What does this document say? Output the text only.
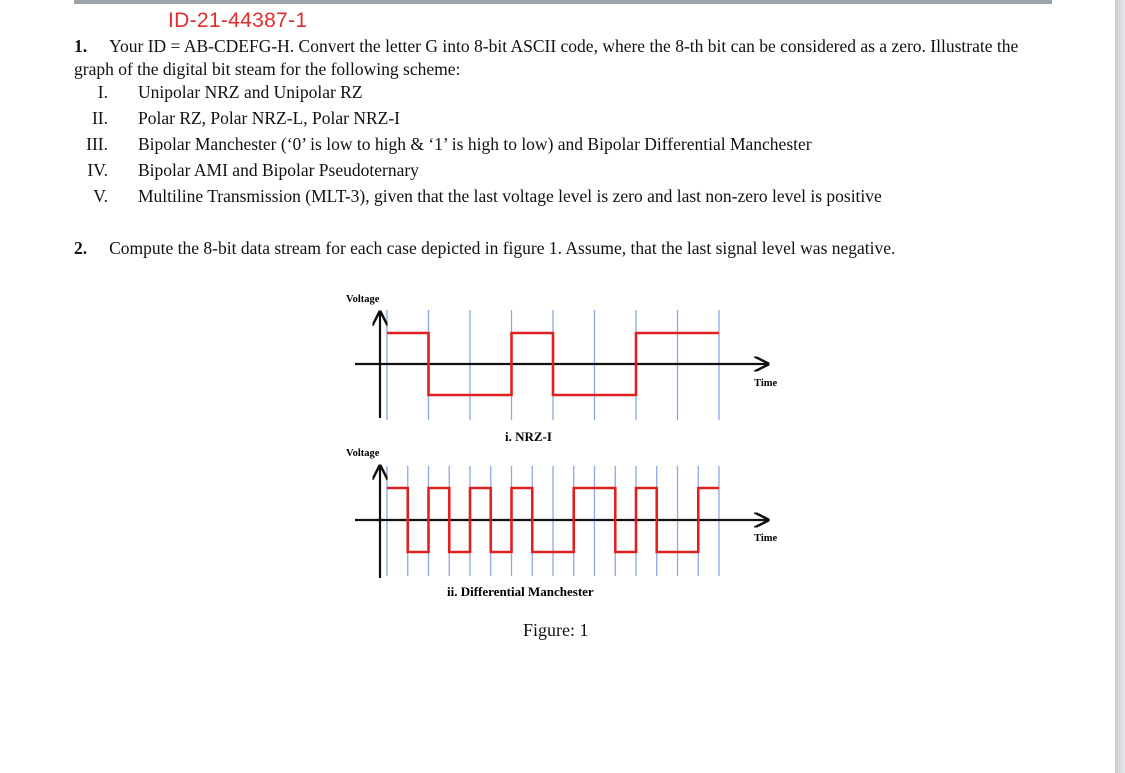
ID-21-44387-1
1. Your ID = AB-CDEFG-H. Convert the letter G into 8-bit ASCII code, where the 8-th bit can be considered as a zero. Illustrate the graph of the digital bit steam for the following scheme:
I. Unipolar NRZ and Unipolar RZ
II. Polar RZ, Polar NRZ-L, Polar NRZ-I
III. Bipolar Manchester (‘0’ is low to high & ‘1’ is high to low) and Bipolar Differential Manchester
IV. Bipolar AMI and Bipolar Pseudoternary
V. Multiline Transmission (MLT-3), given that the last voltage level is zero and last non-zero level is positive
2. Compute the 8-bit data stream for each case depicted in figure 1. Assume, that the last signal level was negative.
Voltage
Time
i. NRZ-I
Voltage
Time
ii. Differential Manchester
Figure: 1
